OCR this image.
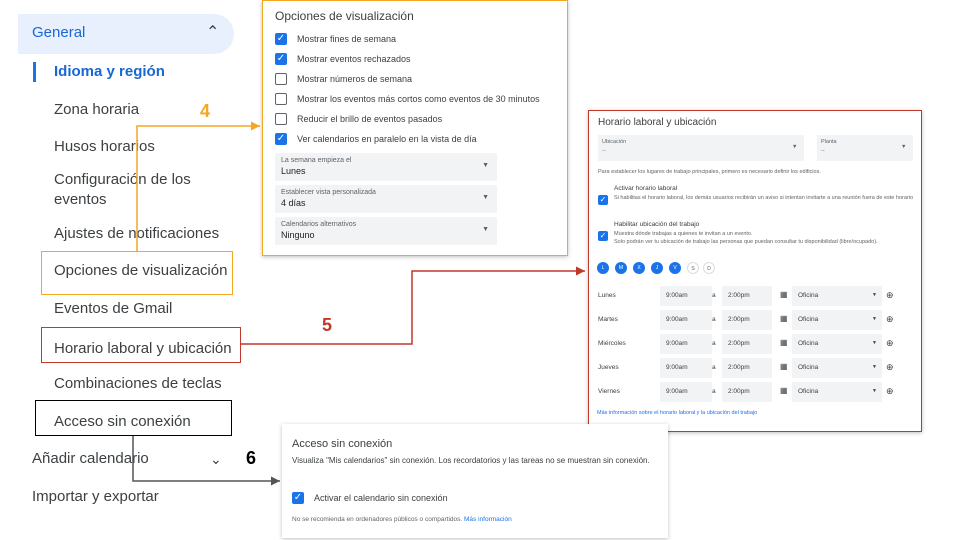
General	⌃
Idioma y región
Zona horaria
Husos horarios
Configuración de los eventos
Ajustes de notificaciones
Opciones de visualización
Eventos de Gmail
Horario laboral y ubicación
Combinaciones de teclas
Acceso sin conexión
Añadir calendario	⌄
Importar y exportar
4
5
6
Opciones de visualización
✓ Mostrar fines de semana
✓ Mostrar eventos rechazados
Mostrar números de semana
Mostrar los eventos más cortos como eventos de 30 minutos
Reducir el brillo de eventos pasados
✓ Ver calendarios en paralelo en la vista de día
La semana empieza el
Lunes
▼
Establecer vista personalizada
4 días
▼
Calendarios alternativos
Ninguno
▼
Horario laboral y ubicación
Ubicación
--
▼
Planta
--
▼
Para establecer los lugares de trabajo principales, primero es necesario definir los edificios.
✓
Activar horario laboral
Si habilitas el horario laboral, los demás usuarios recibirán un aviso si intentan invitarte a una reunión fuera de este horario
✓
Habilitar ubicación del trabajo
Muestra dónde trabajas a quienes te invitan a un evento.
Solo podrán ver tu ubicación de trabajo las personas que puedan consultar tu disponibilidad (libre/ocupado).
L	M	X	J	V	S	D
Lunes	9:00am	a 2:00pm	▦ Oficina	▼ ⊕
Martes	9:00am	a 2:00pm	▦ Oficina	▼ ⊕
Miércoles	9:00am	a 2:00pm	▦ Oficina	▼ ⊕
Jueves	9:00am	a 2:00pm	▦ Oficina	▼ ⊕
Viernes	9:00am	a 2:00pm	▦ Oficina	▼ ⊕
Más información sobre el horario laboral y la ubicación del trabajo
Acceso sin conexión
Visualiza "Mis calendarios" sin conexión. Los recordatorios y las tareas no se muestran sin conexión.
✓ Activar el calendario sin conexión
No se recomienda en ordenadores públicos o compartidos. Más información
